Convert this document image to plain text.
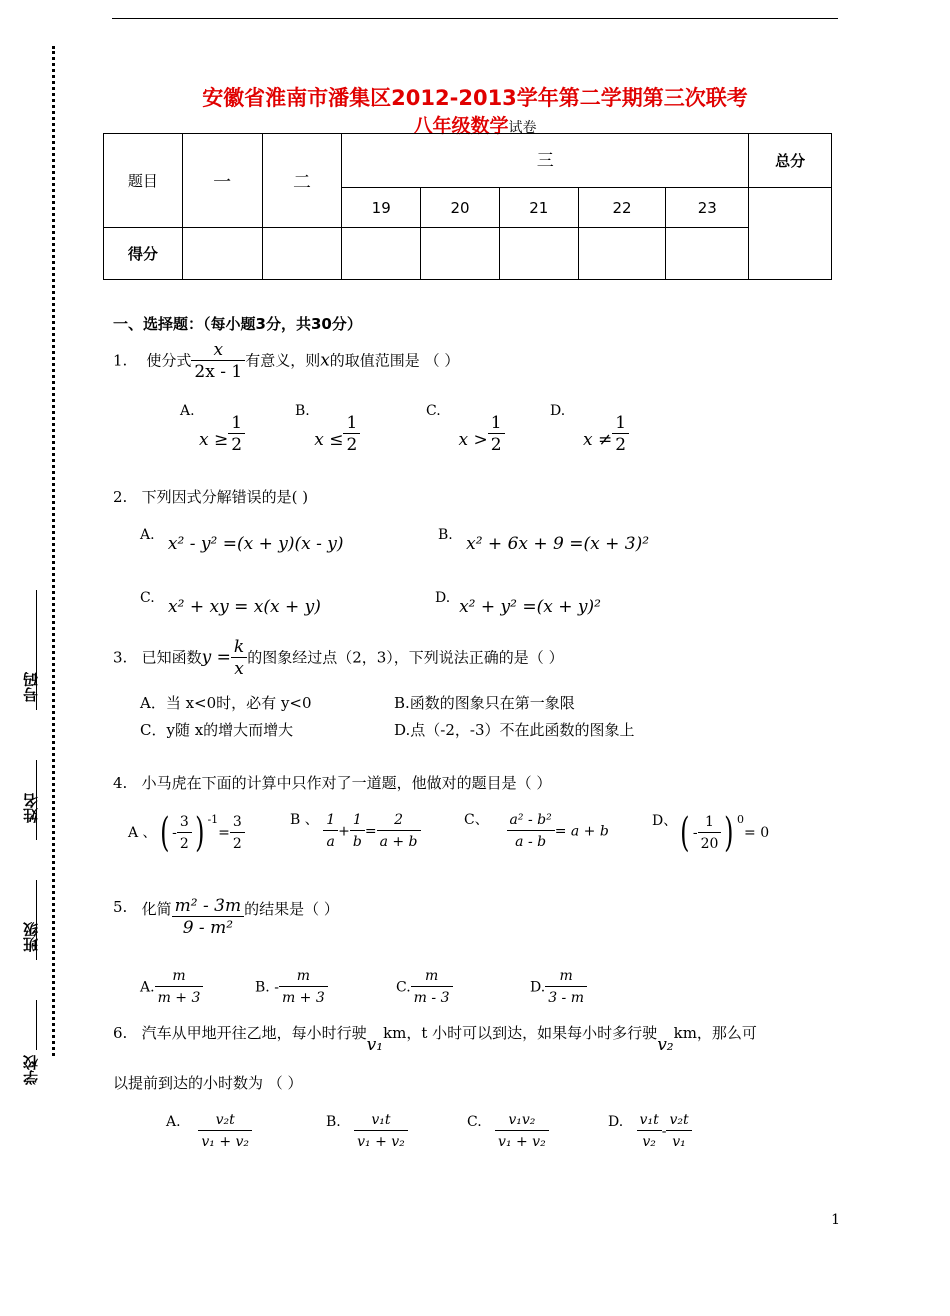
号码
姓名
班级
学校
安徽省淮南市潘集区2012-2013学年第二学期第三次联考
八年级数学试卷
题目	一	二	三					总分
			19	20	21	22	23	
得分								
一、选择题：（每小题3分，共30分）
1. 使分式 $\frac{x}{2x - 1}$ 有意义，则x的取值范围是 （ ）
A. $x \ge \frac{1}{2}$
B. $x \le \frac{1}{2}$
C.    $x > \frac{1}{2}$
D.    $x \ne \frac{1}{2}$
2. 下列因式分解错误的是( )
A. x² - y² =(x + y)(x - y)	B. x² + 6x + 9 =(x + 3)²
C. x² + xy = x(x + y)	D. x² + y² =(x + y)²
3. 已知函数$y = \frac{k}{x}$ 的图象经过点（2，3），下列说法正确的是（ ）
A．当 x<0时，必有 y<0	B.函数的图象只在第一象限
C．y随 x的增大而增大	D.点（-2，-3）不在此函数的图象上
4. 小马虎在下面的计算中只作对了一道题，他做对的题目是（ ）
A 、( - $\frac{3}{2}$ ) $^{-1}= \frac{3}{2}$	B 、 $\frac{1}{a} + \frac{1}{b} = \frac{2}{a + b}$	C、 $\frac{\text{a² - b²}}{a - b} = a + b$
D、( - $\frac{1}{20}$ ) $^0$= 0
5. 化简 $\frac{\text{m² - 3m}}{\text{9 - m²}}$ 的结果是（ ）
A. $\frac{m}{m + 3}$	B. - $\frac{m}{m + 3}$	C. $\frac{m}{m - 3}$	D. $\frac{m}{3 - m}$
6. 汽车从甲地开往乙地，每小时行驶v₁km，t 小时可以到达，如果每小时多行驶v₂km，那么可
以提前到达的小时数为 （ ）
A. $\frac{\text{v₂t}}{\text{v₁ + v₂}}$	B. $\frac{\text{v₁t}}{\text{v₁ + v₂}}$	C. $\frac{\text{v₁v₂}}{\text{v₁ + v₂}}$	D. $\frac{\text{v₁t}}{\text{v₂}} - \frac{\text{v₂t}}{\text{v₁}}$
1
